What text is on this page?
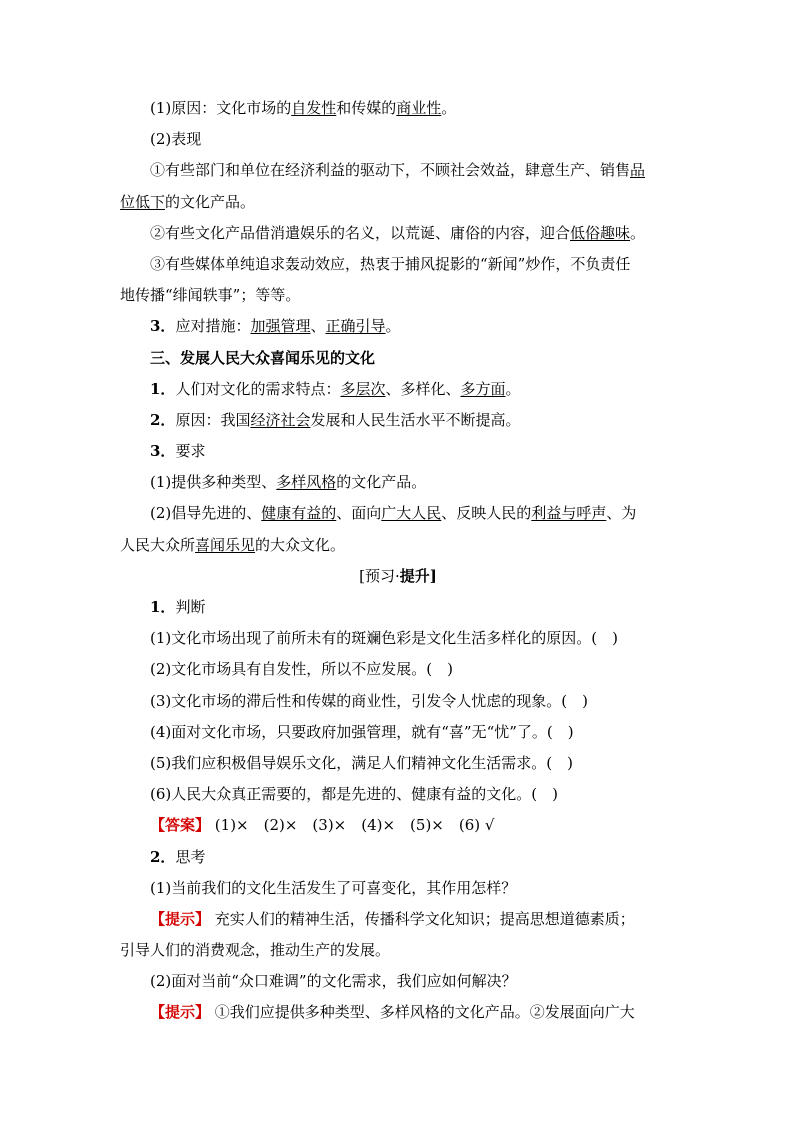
(1)原因：文化市场的自发性和传媒的商业性。
(2)表现
①有些部门和单位在经济利益的驱动下，不顾社会效益，肆意生产、销售品
位低下的文化产品。
②有些文化产品借消遣娱乐的名义，以荒诞、庸俗的内容，迎合低俗趣味。
③有些媒体单纯追求轰动效应，热衷于捕风捉影的“新闻”炒作，不负责任
地传播“绯闻轶事”；等等。
3．应对措施：加强管理、正确引导。
三、发展人民大众喜闻乐见的文化
1．人们对文化的需求特点：多层次、多样化、多方面。
2．原因：我国经济社会发展和人民生活水平不断提高。
3．要求
(1)提供多种类型、多样风格的文化产品。
(2)倡导先进的、健康有益的、面向广大人民、反映人民的利益与呼声、为
人民大众所喜闻乐见的大众文化。
[预习·提升]
1．判断
(1)文化市场出现了前所未有的斑斓色彩是文化生活多样化的原因。(　)
(2)文化市场具有自发性，所以不应发展。(　)
(3)文化市场的滞后性和传媒的商业性，引发令人忧虑的现象。(　)
(4)面对文化市场，只要政府加强管理，就有“喜”无“忧”了。(　)
(5)我们应积极倡导娱乐文化，满足人们精神文化生活需求。(　)
(6)人民大众真正需要的，都是先进的、健康有益的文化。(　)
【答案】 (1)×　(2)×　(3)×　(4)×　(5)×　(6) √
2．思考
(1)当前我们的文化生活发生了可喜变化，其作用怎样？
【提示】 充实人们的精神生活，传播科学文化知识；提高思想道德素质；
引导人们的消费观念，推动生产的发展。
(2)面对当前“众口难调”的文化需求，我们应如何解决？
【提示】 ①我们应提供多种类型、多样风格的文化产品。②发展面向广大
